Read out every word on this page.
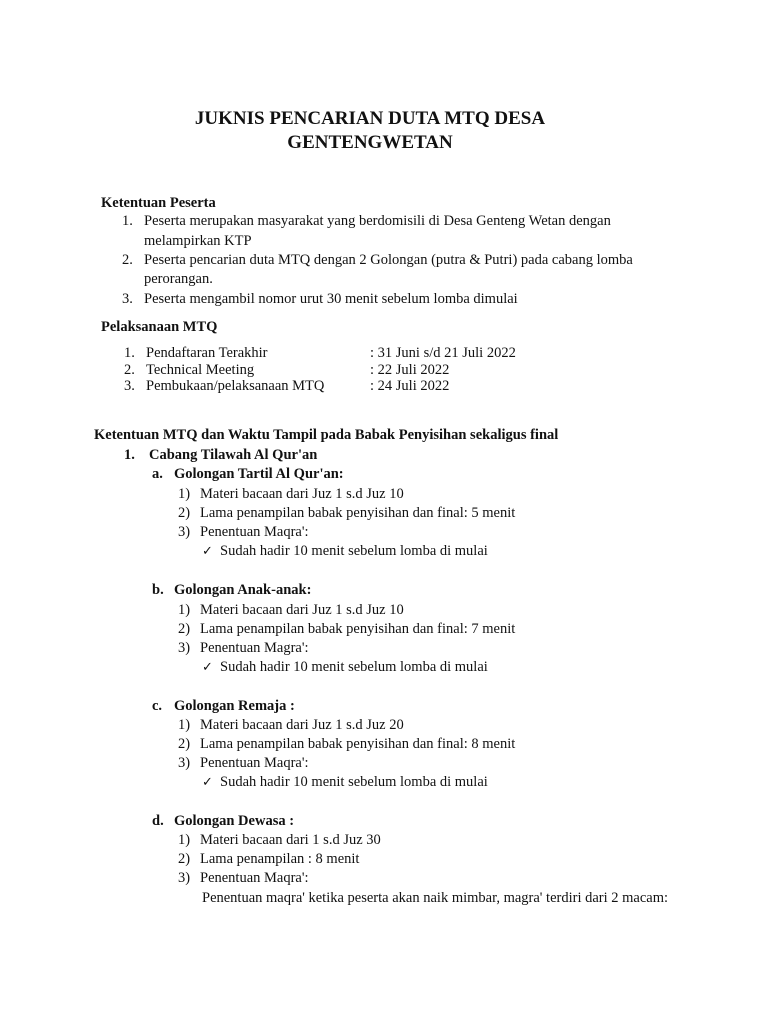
JUKNIS PENCARIAN DUTA MTQ DESA
GENTENGWETAN
Ketentuan Peserta
1. Peserta merupakan masyarakat yang berdomisili di Desa Genteng Wetan dengan
melampirkan KTP
2. Peserta pencarian duta MTQ dengan 2 Golongan (putra & Putri) pada cabang lomba
perorangan.
3. Peserta mengambil nomor urut 30 menit sebelum lomba dimulai
Pelaksanaan MTQ
1. Pendaftaran Terakhir	: 31 Juni s/d 21 Juli 2022
2. Technical Meeting	: 22 Juli 2022
3. Pembukaan/pelaksanaan MTQ	: 24 Juli 2022
Ketentuan MTQ dan Waktu Tampil pada Babak Penyisihan sekaligus final
1. Cabang Tilawah Al Qur'an
a. Golongan Tartil Al Qur'an:
1) Materi bacaan dari Juz 1 s.d Juz 10
2) Lama penampilan babak penyisihan dan final: 5 menit
3) Penentuan Maqra':
✓ Sudah hadir 10 menit sebelum lomba di mulai
b. Golongan Anak-anak:
1) Materi bacaan dari Juz 1 s.d Juz 10
2) Lama penampilan babak penyisihan dan final: 7 menit
3) Penentuan Magra':
✓ Sudah hadir 10 menit sebelum lomba di mulai
c. Golongan Remaja :
1) Materi bacaan dari Juz 1 s.d Juz 20
2) Lama penampilan babak penyisihan dan final: 8 menit
3) Penentuan Maqra':
✓ Sudah hadir 10 menit sebelum lomba di mulai
d. Golongan Dewasa :
1) Materi bacaan dari 1 s.d Juz 30
2) Lama penampilan : 8 menit
3) Penentuan Maqra':
Penentuan maqra' ketika peserta akan naik mimbar, magra' terdiri dari 2 macam:
